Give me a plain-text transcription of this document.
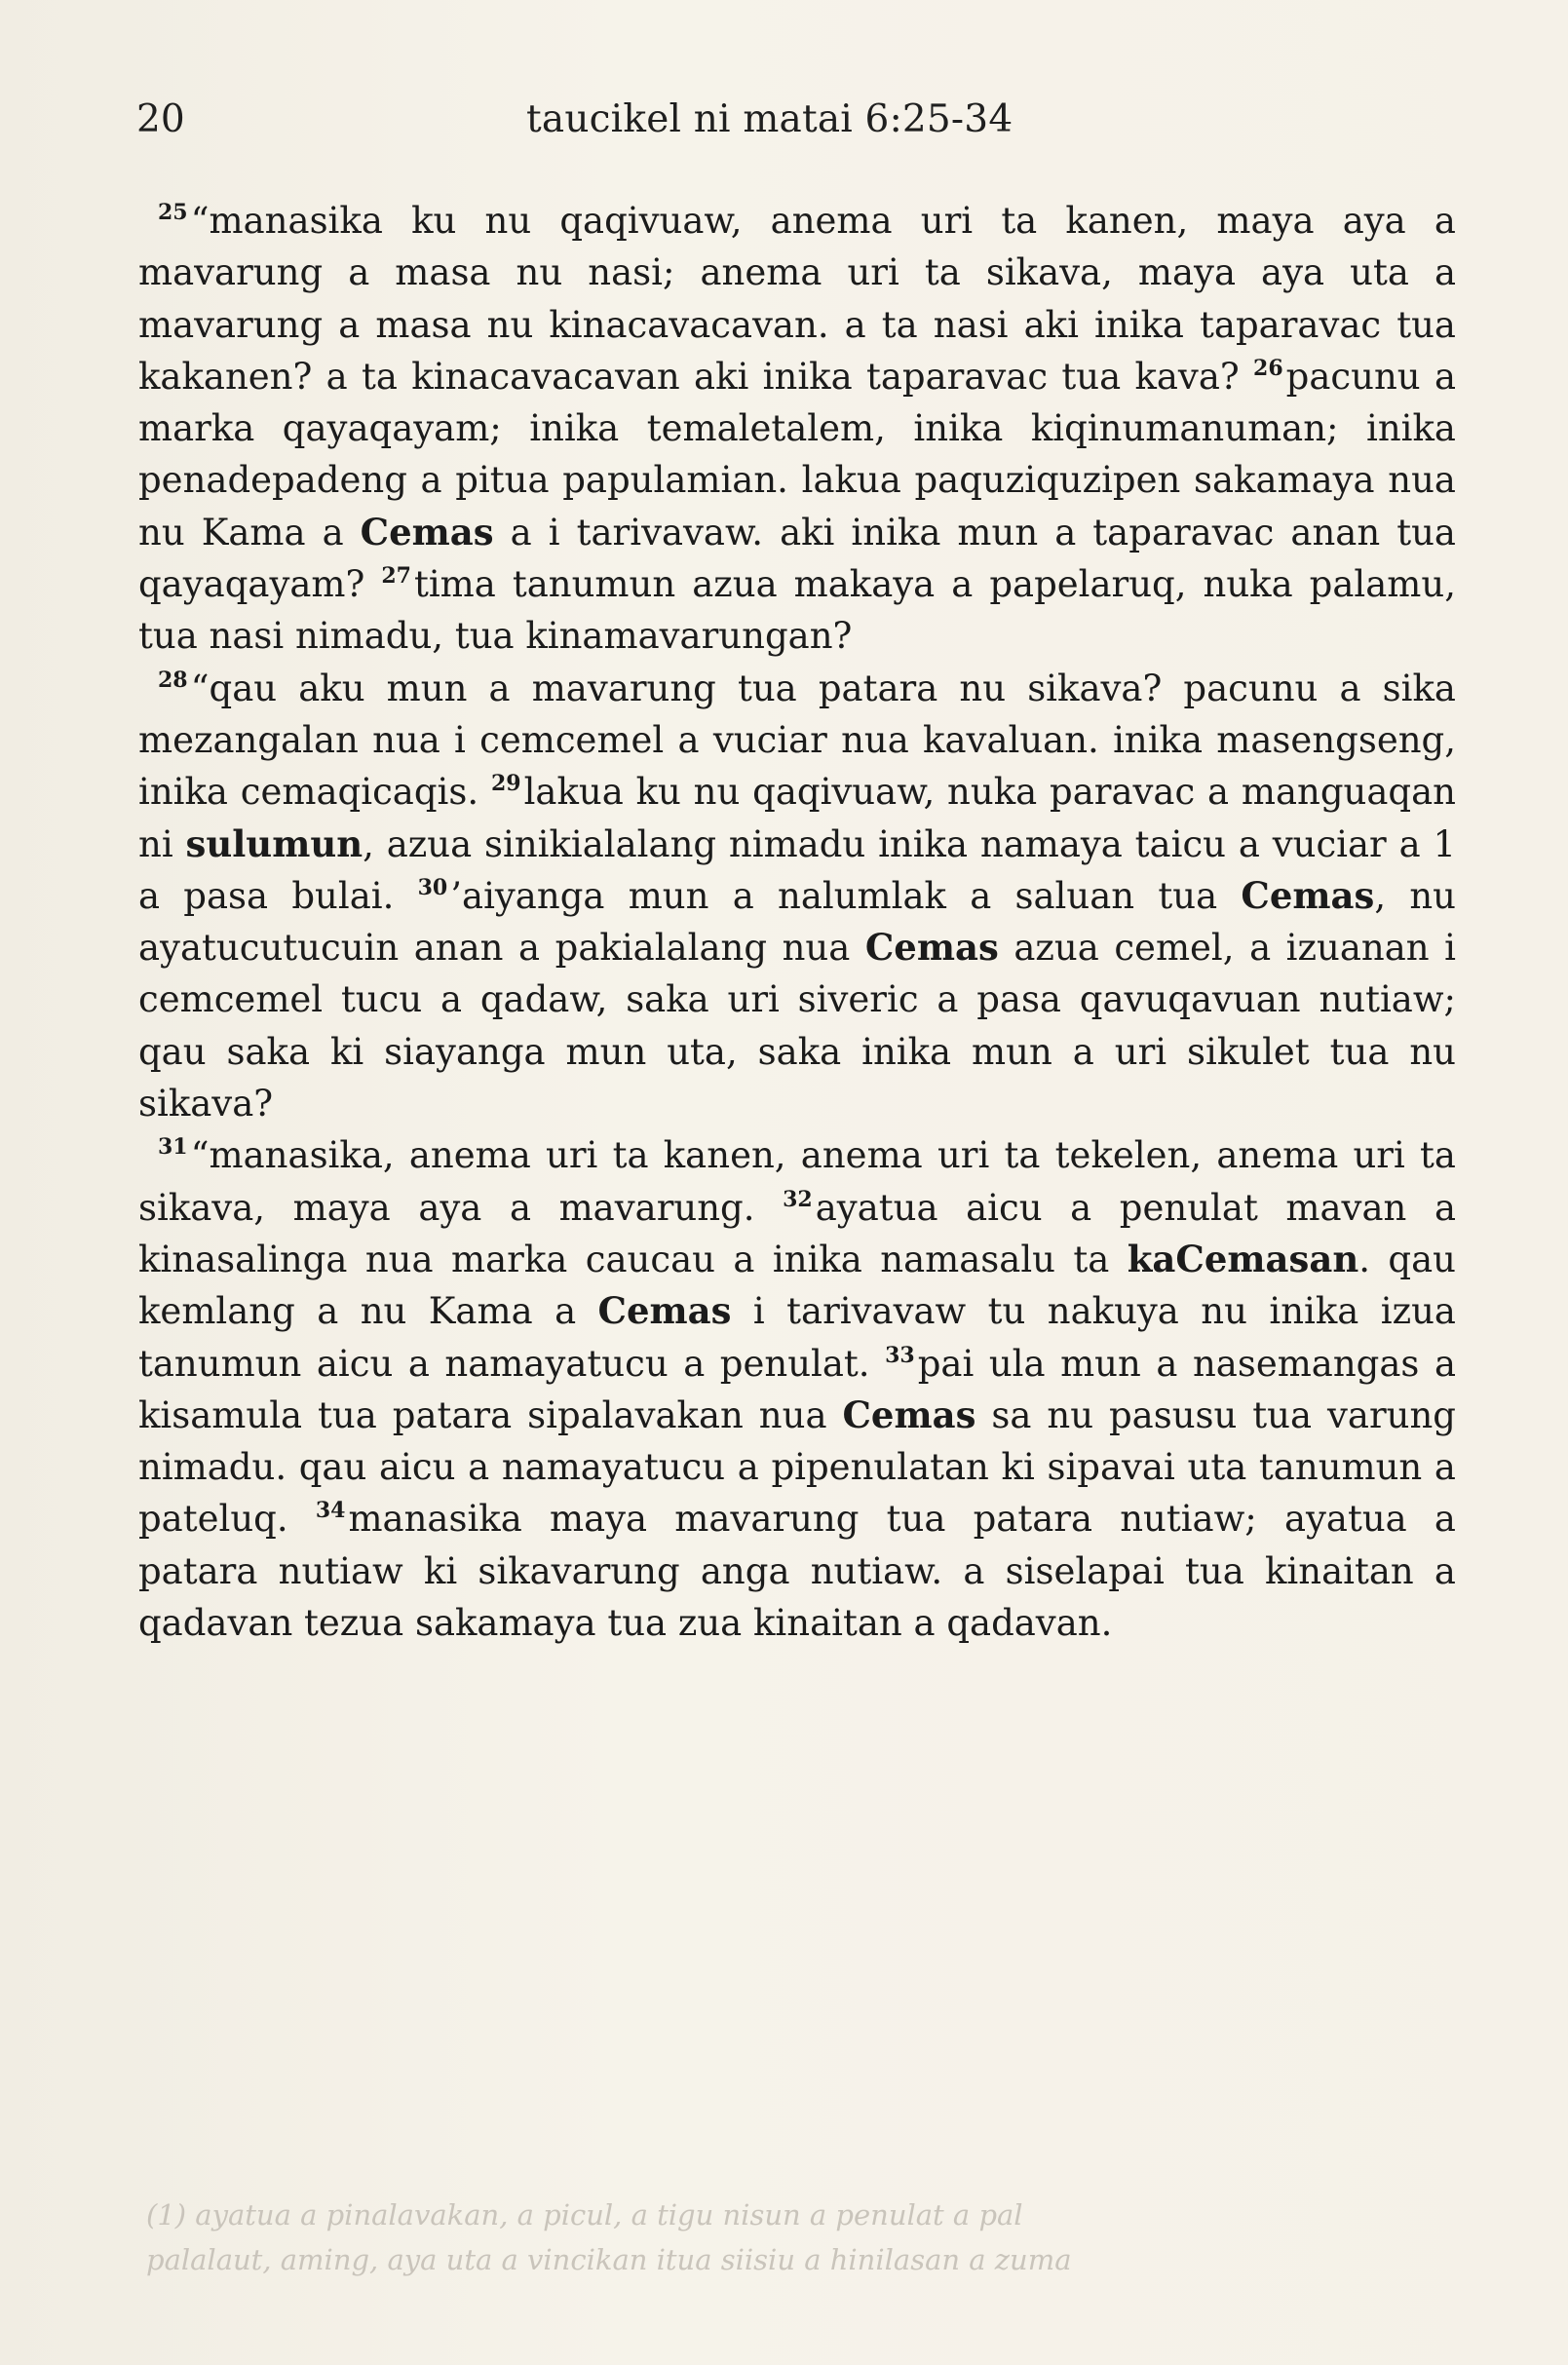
20	taucikel ni matai 6:25-34

$^{25}$“manasika ku nu qaqivuaw, anema uri ta kanen, maya aya a mavarung a masa nu nasi; anema uri ta sikava, maya aya uta a mavarung a masa nu kinacavacavan. a ta nasi aki inika taparavac tua kakanen? a ta kinacavacavan aki inika taparavac tua kava? $^{26}$pacunu a marka qayaqayam; inika temaletalem, inika kiqinumanuman; inika penadepadeng a pitua papulamian. lakua paquziquzipen sakamaya nua nu Kama a Cemas a i tarivavaw. aki inika mun a taparavac anan tua qayaqayam? $^{27}$tima tanumun azua makaya a papelaruq, nuka palamu, tua nasi nimadu, tua kinamavarungan?

$^{28}$“qau aku mun a mavarung tua patara nu sikava? pacunu a sika mezangalan nua i cemcemel a vuciar nua kavaluan. inika masengseng, inika cemaqicaqis. $^{29}$lakua ku nu qaqivuaw, nuka paravac a manguaqan ni sulumun, azua sinikialalang nimadu inika namaya taicu a vuciar a 1 a pasa bulai. $^{30}$’aiyanga mun a nalumlak a saluan tua Cemas, nu ayatucutucuin anan a pakialalang nua Cemas azua cemel, a izuanan i cemcemel tucu a qadaw, saka uri siveric a pasa qavuqavuan nutiaw; qau saka ki siayanga mun uta, saka inika mun a uri sikulet tua nu sikava?

$^{31}$“manasika, anema uri ta kanen, anema uri ta tekelen, anema uri ta sikava, maya aya a mavarung. $^{32}$ayatua aicu a penulat mavan a kinasalinga nua marka caucau a inika namasalu ta kaCemasan. qau kemlang a nu Kama a Cemas i tarivavaw tu nakuya nu inika izua tanumun aicu a namayatucu a penulat. $^{33}$pai ula mun a nasemangas a kisamula tua patara sipalavakan nua Cemas sa nu pasusu tua varung nimadu. qau aicu a namayatucu a pipenulatan ki sipavai uta tanumun a pateluq. $^{34}$manasika maya mavarung tua patara nutiaw; ayatua a patara nutiaw ki sikavarung anga nutiaw. a siselapai tua kinaitan a qadavan tezua sakamaya tua zua kinaitan a qadavan.

(1) ayatua a pinalavakan, a picul, a tigu nisun a penulat a pal
palalaut, aming, aya uta a vincikan itua siisiu a hinilasan a zuma
